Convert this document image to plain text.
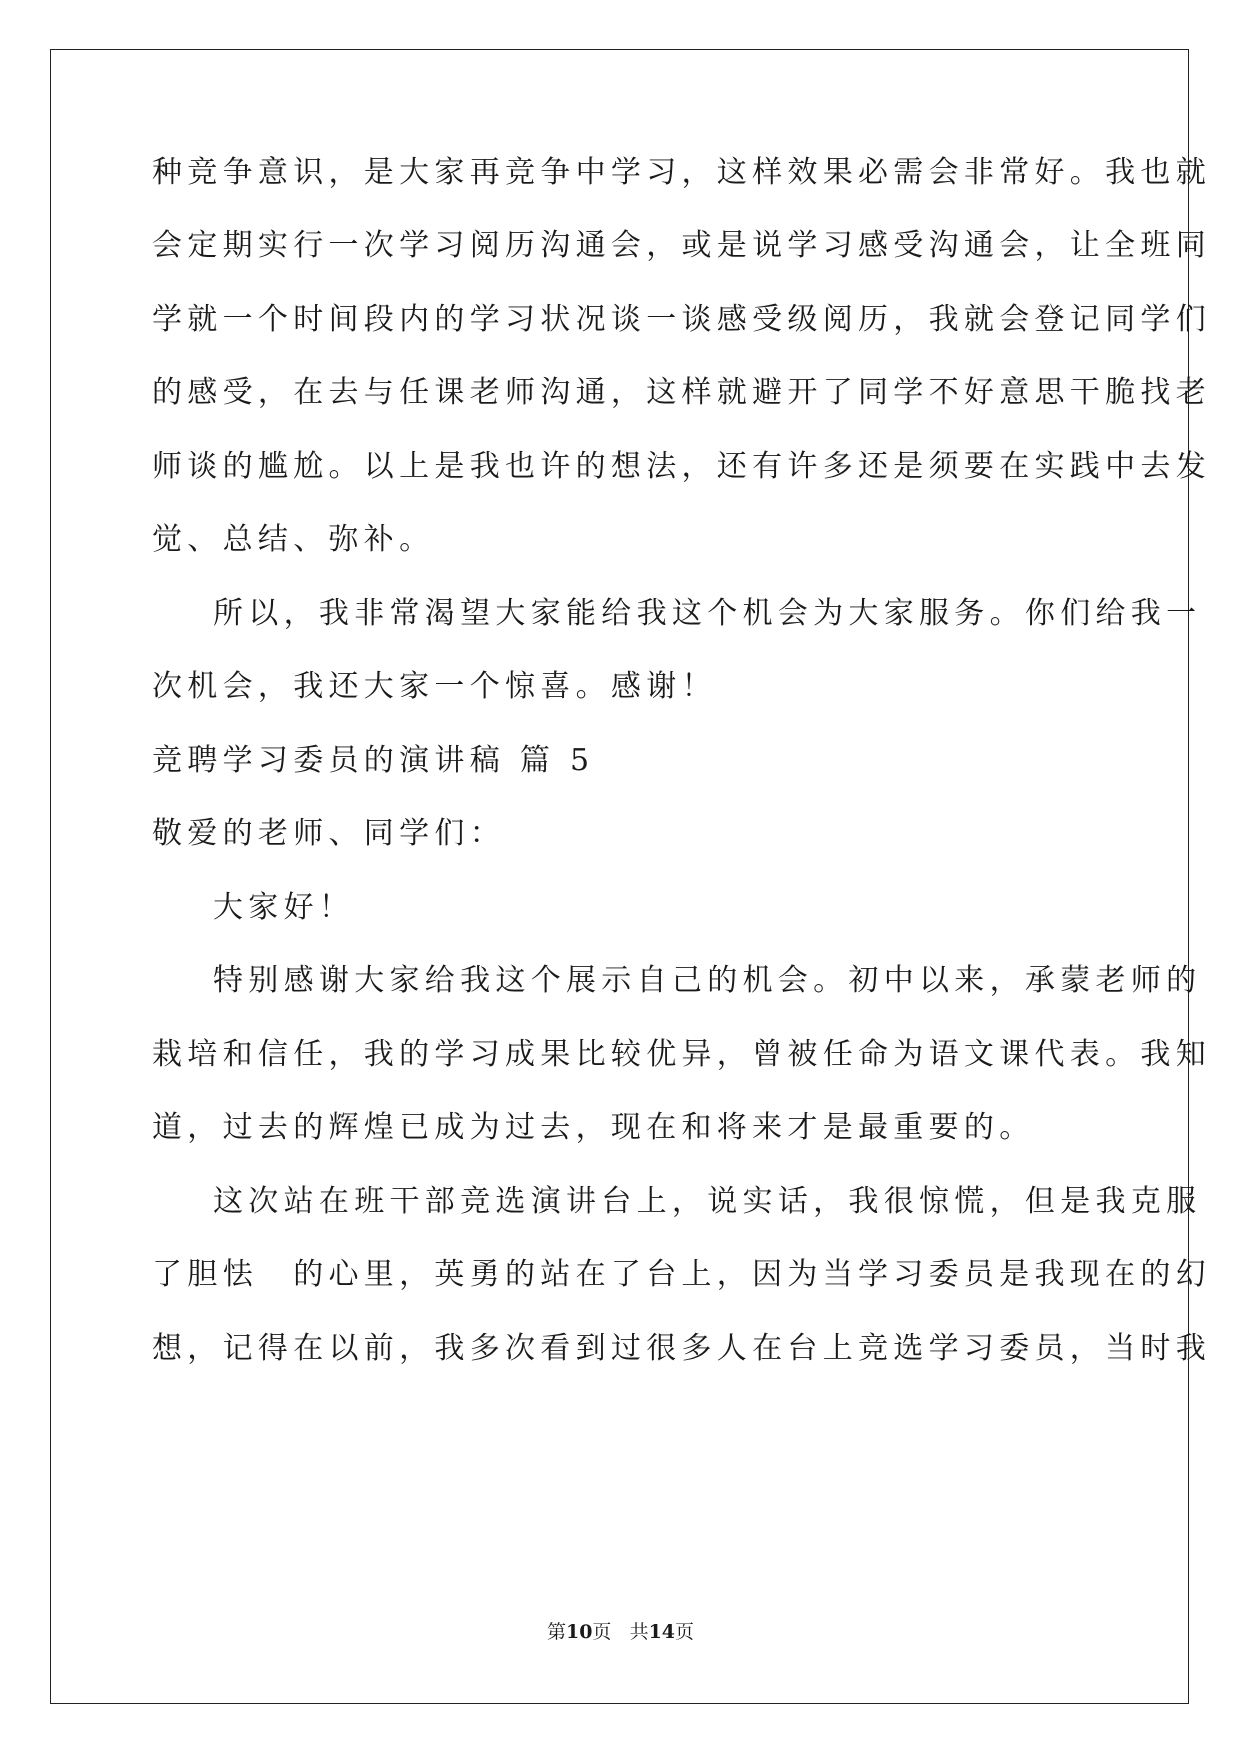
种竞争意识，是大家再竞争中学习，这样效果必需会非常好。我也就
会定期实行一次学习阅历沟通会，或是说学习感受沟通会，让全班同
学就一个时间段内的学习状况谈一谈感受级阅历，我就会登记同学们
的感受，在去与任课老师沟通，这样就避开了同学不好意思干脆找老
师谈的尴尬。以上是我也许的想法，还有许多还是须要在实践中去发
觉、总结、弥补。
所以，我非常渴望大家能给我这个机会为大家服务。你们给我一
次机会，我还大家一个惊喜。感谢！
竞聘学习委员的演讲稿 篇 5
敬爱的老师、同学们：
大家好！
特别感谢大家给我这个展示自己的机会。初中以来，承蒙老师的
栽培和信任，我的学习成果比较优异，曾被任命为语文课代表。我知
道，过去的辉煌已成为过去，现在和将来才是最重要的。
这次站在班干部竞选演讲台上，说实话，我很惊慌，但是我克服
了胆怯　的心里，英勇的站在了台上，因为当学习委员是我现在的幻
想，记得在以前，我多次看到过很多人在台上竞选学习委员，当时我
第10页 共14页
